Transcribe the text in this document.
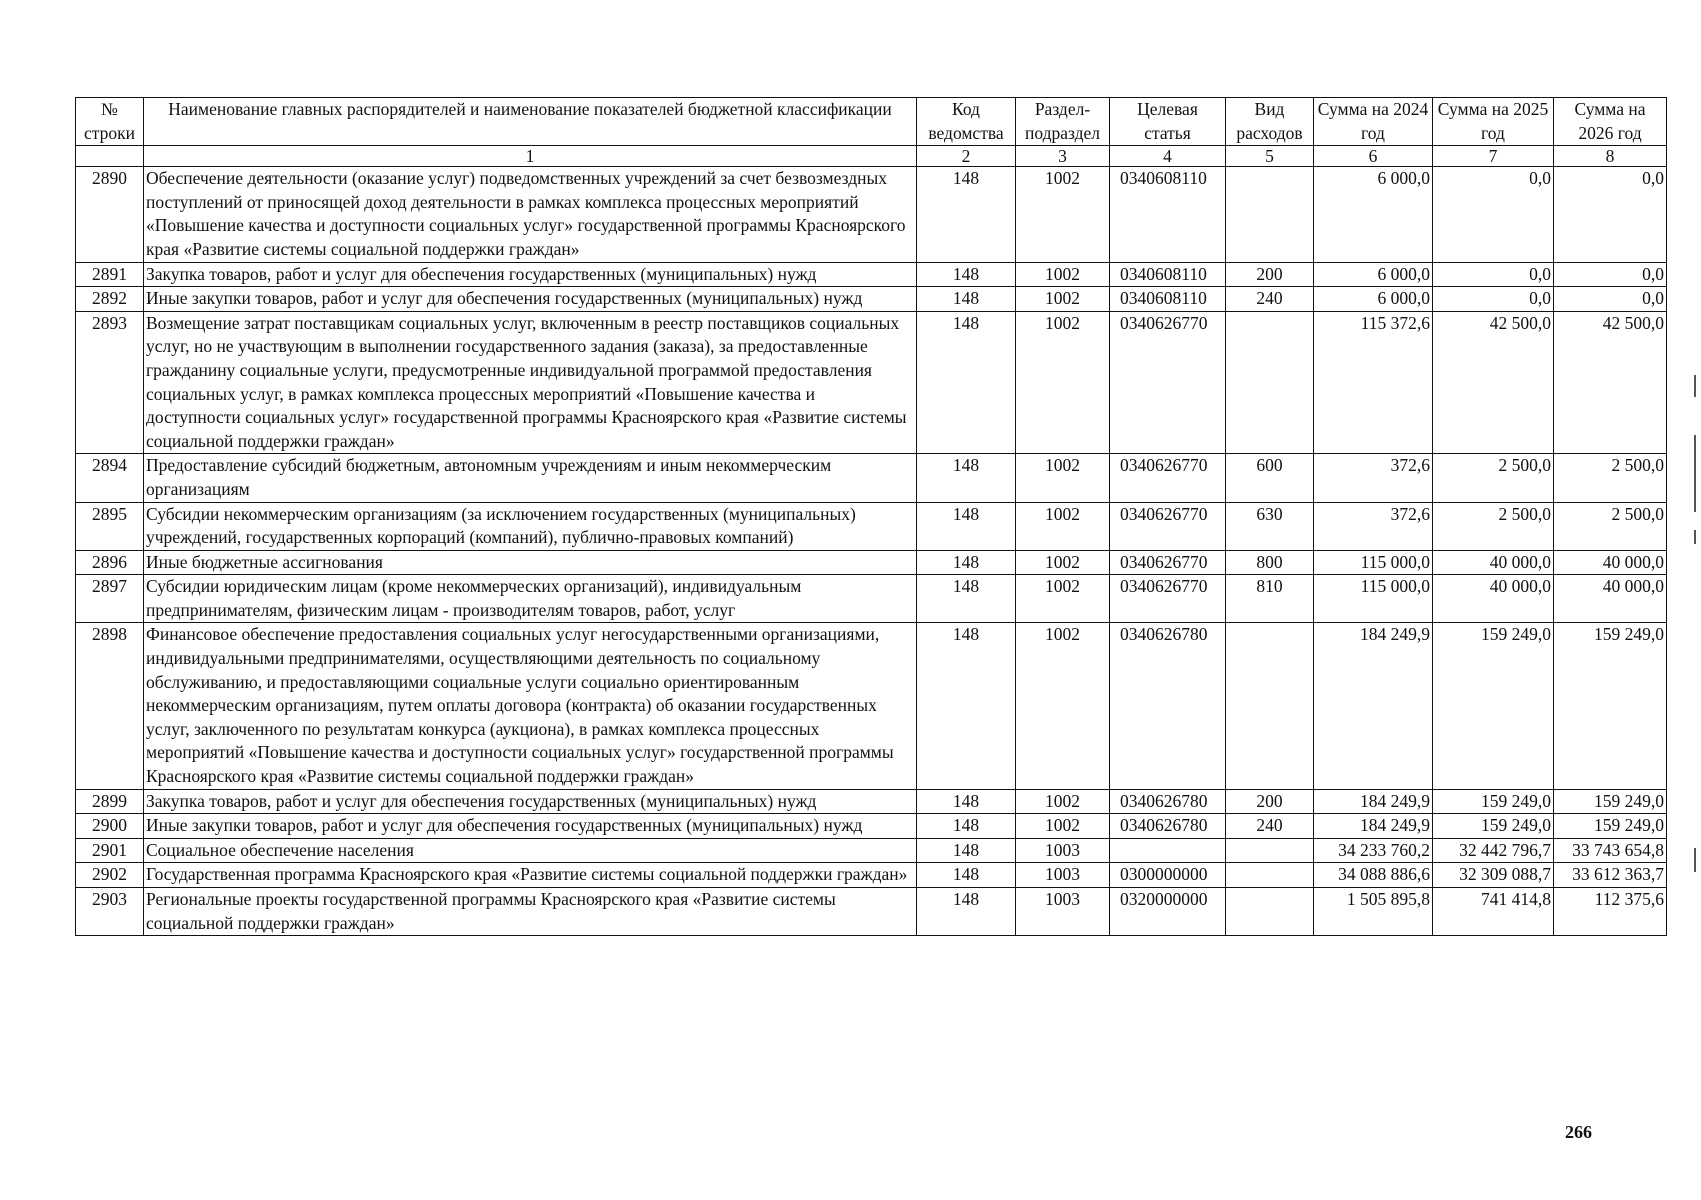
№ строки	Наименование главных распорядителей и наименование показателей бюджетной классификации	Код ведомства	Раздел-подраздел	Целевая статья	Вид расходов	Сумма на 2024 год	Сумма на 2025 год	Сумма на 2026 год
	1	2	3	4	5	6	7	8
2890	Обеспечение деятельности (оказание услуг) подведомственных учреждений за счет безвозмездных поступлений от приносящей доход деятельности в рамках комплекса процессных мероприятий «Повышение качества и доступности социальных услуг» государственной программы Красноярского края «Развитие системы социальной поддержки граждан»	148	1002	0340608110		6 000,0	0,0	0,0
2891	Закупка товаров, работ и услуг для обеспечения государственных (муниципальных) нужд	148	1002	0340608110	200	6 000,0	0,0	0,0
2892	Иные закупки товаров, работ и услуг для обеспечения государственных (муниципальных) нужд	148	1002	0340608110	240	6 000,0	0,0	0,0
2893	Возмещение затрат поставщикам социальных услуг, включенным в реестр поставщиков социальных услуг, но не участвующим в выполнении государственного задания (заказа), за предоставленные гражданину социальные услуги, предусмотренные индивидуальной программой предоставления социальных услуг, в рамках комплекса процессных мероприятий «Повышение качества и доступности социальных услуг» государственной программы Красноярского края «Развитие системы социальной поддержки граждан»	148	1002	0340626770		115 372,6	42 500,0	42 500,0
2894	Предоставление субсидий бюджетным, автономным учреждениям и иным некоммерческим организациям	148	1002	0340626770	600	372,6	2 500,0	2 500,0
2895	Субсидии некоммерческим организациям (за исключением государственных (муниципальных) учреждений, государственных корпораций (компаний), публично-правовых компаний)	148	1002	0340626770	630	372,6	2 500,0	2 500,0
2896	Иные бюджетные ассигнования	148	1002	0340626770	800	115 000,0	40 000,0	40 000,0
2897	Субсидии юридическим лицам (кроме некоммерческих организаций), индивидуальным предпринимателям, физическим лицам - производителям товаров, работ, услуг	148	1002	0340626770	810	115 000,0	40 000,0	40 000,0
2898	Финансовое обеспечение предоставления социальных услуг негосударственными организациями, индивидуальными предпринимателями, осуществляющими деятельность по социальному обслуживанию, и предоставляющими социальные услуги социально ориентированным некоммерческим организациям, путем оплаты договора (контракта) об оказании государственных услуг, заключенного по результатам конкурса (аукциона), в рамках комплекса процессных мероприятий «Повышение качества и доступности социальных услуг» государственной программы Красноярского края «Развитие системы социальной поддержки граждан»	148	1002	0340626780		184 249,9	159 249,0	159 249,0
2899	Закупка товаров, работ и услуг для обеспечения государственных (муниципальных) нужд	148	1002	0340626780	200	184 249,9	159 249,0	159 249,0
2900	Иные закупки товаров, работ и услуг для обеспечения государственных (муниципальных) нужд	148	1002	0340626780	240	184 249,9	159 249,0	159 249,0
2901	Социальное обеспечение населения	148	1003			34 233 760,2	32 442 796,7	33 743 654,8
2902	Государственная программа Красноярского края «Развитие системы социальной поддержки граждан»	148	1003	0300000000		34 088 886,6	32 309 088,7	33 612 363,7
2903	Региональные проекты государственной программы Красноярского края «Развитие системы социальной поддержки граждан»	148	1003	0320000000		1 505 895,8	741 414,8	112 375,6
266
